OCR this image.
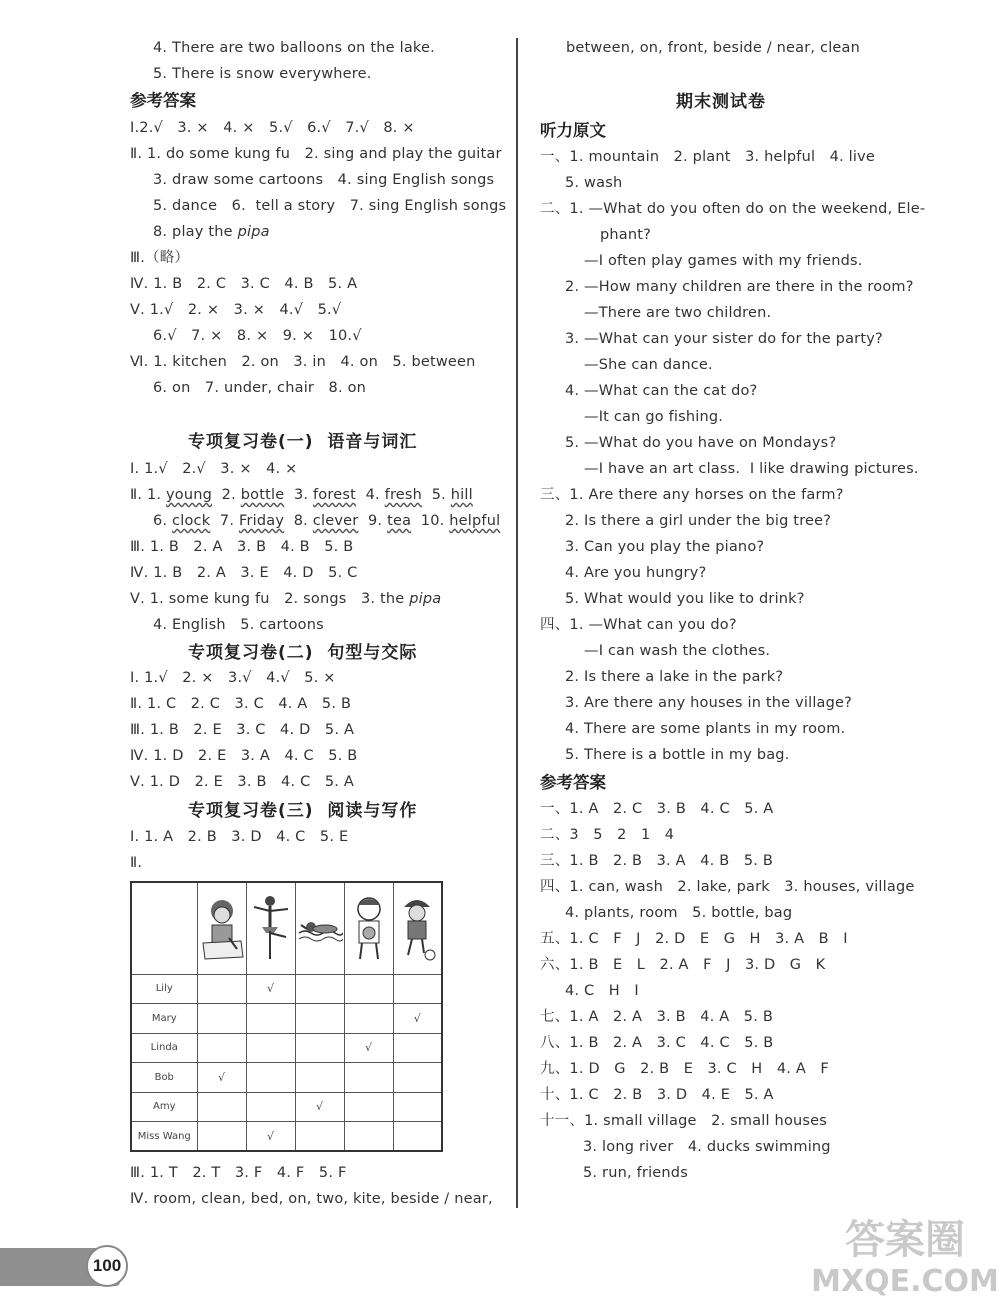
4. There are two balloons on the lake.
5. There is snow everywhere.
参考答案
Ⅰ.2.√   3. ×   4. ×   5.√   6.√   7.√   8. ×
Ⅱ. 1. do some kung fu   2. sing and play the guitar
3. draw some cartoons   4. sing English songs
5. dance   6.  tell a story   7. sing English songs
8. play the pipa
Ⅲ.（略）
Ⅳ. 1. B   2. C   3. C   4. B   5. A
Ⅴ. 1.√   2. ×   3. ×   4.√   5.√
6.√   7. ×   8. ×   9. ×   10.√
Ⅵ. 1. kitchen   2. on   3. in   4. on   5. between
6. on   7. under, chair   8. on
专项复习卷(一)  语音与词汇
Ⅰ. 1.√   2.√   3. ×   4. ×
Ⅱ. 1. young  2. bottle  3. forest  4. fresh  5. hill
6. clock  7. Friday  8. clever  9. tea  10. helpful
Ⅲ. 1. B   2. A   3. B   4. B   5. B
Ⅳ. 1. B   2. A   3. E   4. D   5. C
Ⅴ. 1. some kung fu   2. songs   3. the pipa
4. English   5. cartoons
专项复习卷(二)  句型与交际
Ⅰ. 1.√   2. ×   3.√   4.√   5. ×
Ⅱ. 1. C   2. C   3. C   4. A   5. B
Ⅲ. 1. B   2. E   3. C   4. D   5. A
Ⅳ. 1. D   2. E   3. A   4. C   5. B
Ⅴ. 1. D   2. E   3. B   4. C   5. A
专项复习卷(三)  阅读与写作
Ⅰ. 1. A   2. B   3. D   4. C   5. E
Ⅱ.

Lily		√			
Mary					√
Linda				√	
Bob	√				
Amy			√		
Miss Wang		√			
Ⅲ. 1. T   2. T   3. F   4. F   5. F
Ⅳ. room, clean, bed, on, two, kite, beside / near,
between, on, front, beside / near, clean
期末测试卷
听力原文
一、1. mountain   2. plant   3. helpful   4. live
5. wash
二、1. —What do you often do on the weekend, Ele-
phant?
—I often play games with my friends.
2. —How many children are there in the room?
—There are two children.
3. —What can your sister do for the party?
—She can dance.
4. —What can the cat do?
—It can go fishing.
5. —What do you have on Mondays?
—I have an art class.  I like drawing pictures.
三、1. Are there any horses on the farm?
2. Is there a girl under the big tree?
3. Can you play the piano?
4. Are you hungry?
5. What would you like to drink?
四、1. —What can you do?
—I can wash the clothes.
2. Is there a lake in the park?
3. Are there any houses in the village?
4. There are some plants in my room.
5. There is a bottle in my bag.
参考答案
一、1. A   2. C   3. B   4. C   5. A
二、3   5   2   1   4
三、1. B   2. B   3. A   4. B   5. B
四、1. can, wash   2. lake, park   3. houses, village
4. plants, room   5. bottle, bag
五、1. C   F   J   2. D   E   G   H   3. A   B   I
六、1. B   E   L   2. A   F   J   3. D   G   K
4. C   H   I
七、1. A   2. A   3. B   4. A   5. B
八、1. B   2. A   3. C   4. C   5. B
九、1. D   G   2. B   E   3. C   H   4. A   F
十、1. C   2. B   3. D   4. E   5. A
十一、1. small village   2. small houses
3. long river   4. ducks swimming
5. run, friends
100
答案圈
MXQE.COM
